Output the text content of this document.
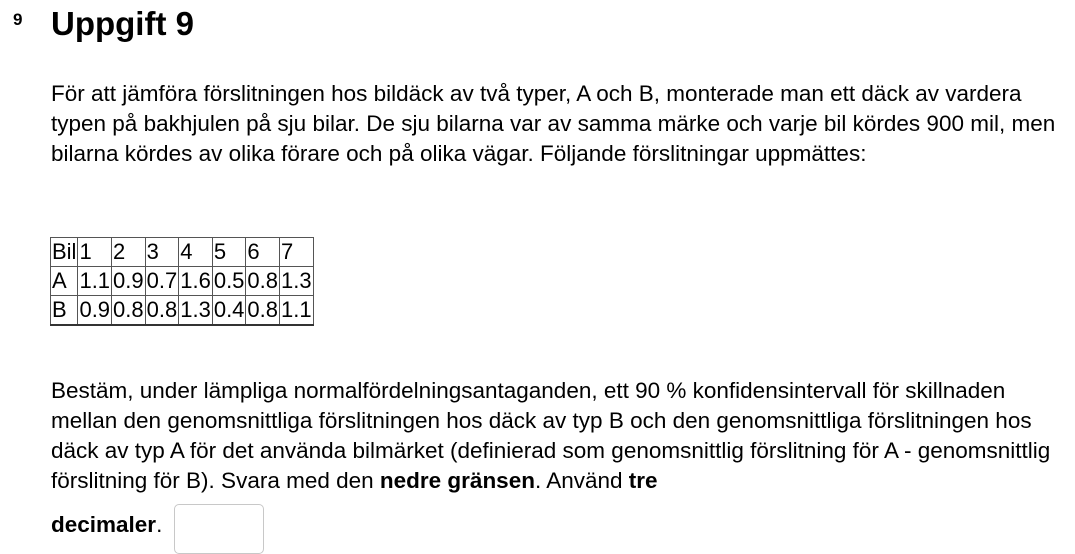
9 Uppgift 9

För att jämföra förslitningen hos bildäck av två typer, A och B, monterade man ett däck av vardera typen på bakhjulen på sju bilar. De sju bilarna var av samma märke och varje bil kördes 900 mil, men bilarna kördes av olika förare och på olika vägar. Följande förslitningar uppmättes:

Bil	1	2	3	4	5	6	7
A	1.1	0.9	0.7	1.6	0.5	0.8	1.3
B	0.9	0.8	0.8	1.3	0.4	0.8	1.1

Bestäm, under lämpliga normalfördelningsantaganden, ett 90 % konfidensintervall för skillnaden mellan den genomsnittliga förslitningen hos däck av typ B och den genomsnittliga förslitningen hos däck av typ A för det använda bilmärket (definierad som genomsnittlig förslitning för A - genomsnittlig förslitning för B). Svara med den nedre gränsen. Använd tre

decimaler .
